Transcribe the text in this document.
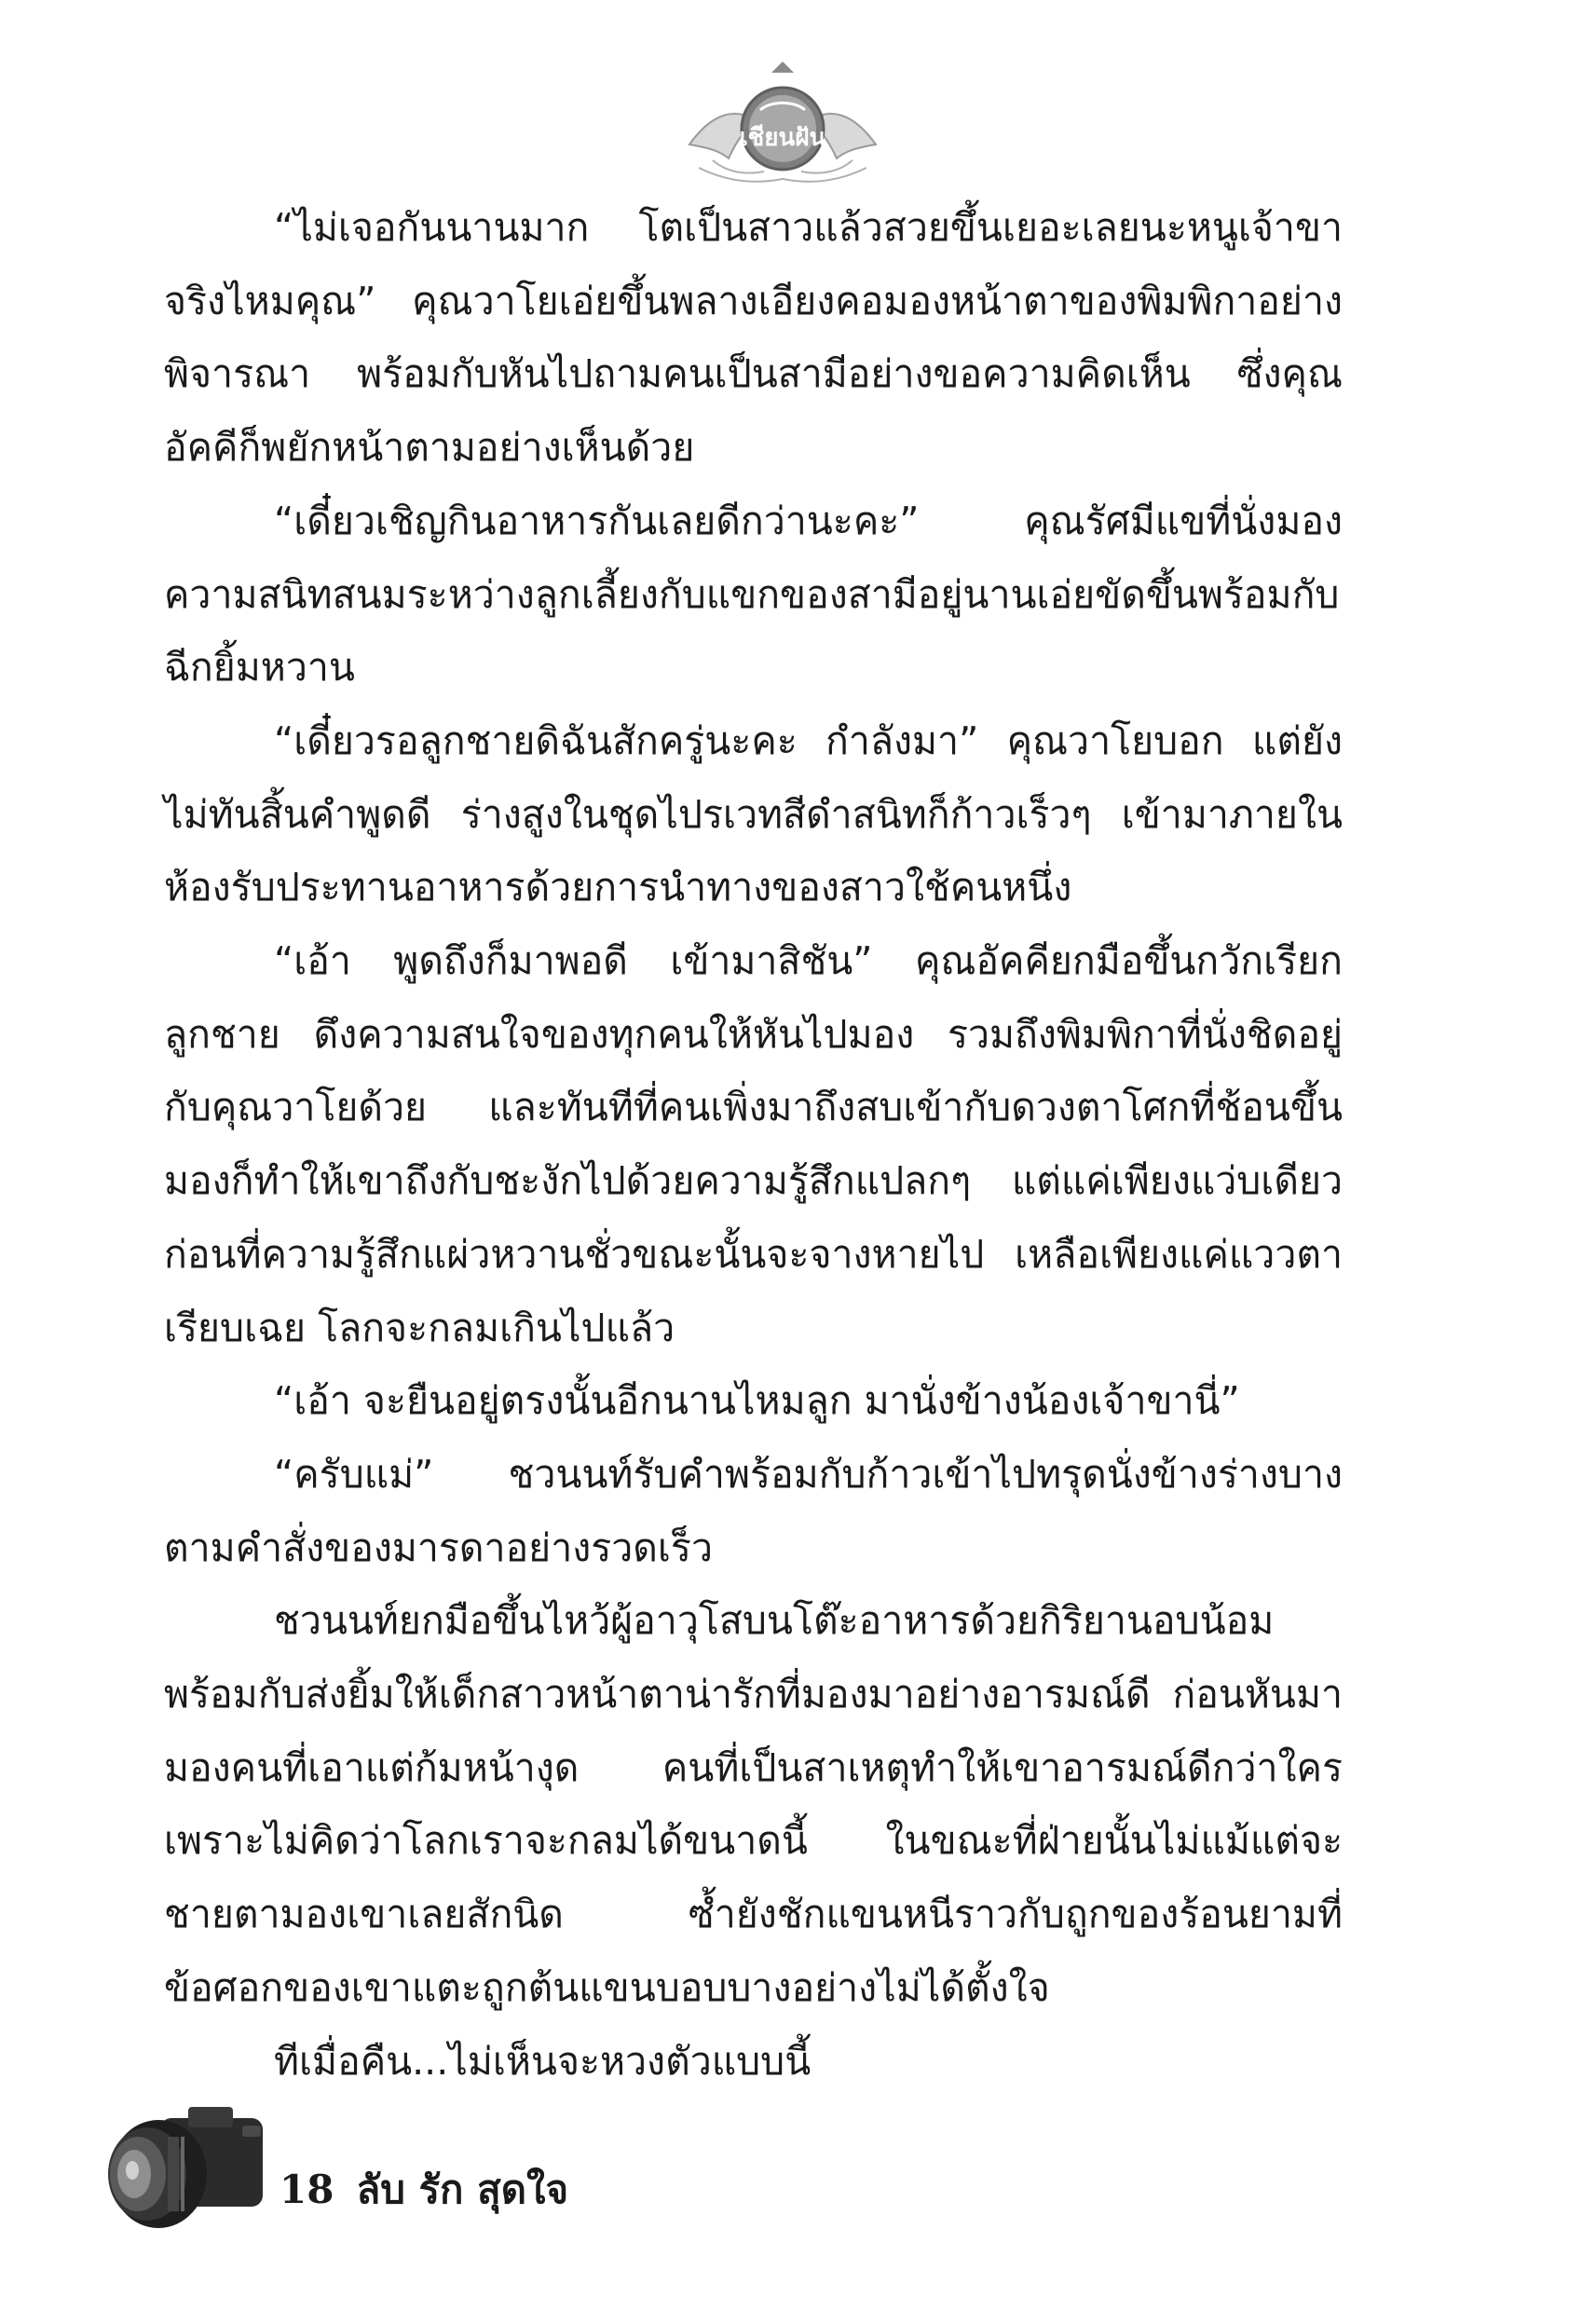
เชียนฝัน

“ไม่เจอกันนานมาก โตเป็นสาวแล้วสวยขึ้นเยอะเลยนะหนูเจ้าขา จริงไหมคุณ” คุณวาโยเอ่ยขึ้นพลางเอียงคอมองหน้าตาของพิมพิกาอย่างพิจารณา พร้อมกับหันไปถามคนเป็นสามีอย่างขอความคิดเห็น ซึ่งคุณอัคคีก็พยักหน้าตามอย่างเห็นด้วย

“เดี๋ยวเชิญกินอาหารกันเลยดีกว่านะคะ” คุณรัศมีแขที่นั่งมองความสนิทสนมระหว่างลูกเลี้ยงกับแขกของสามีอยู่นานเอ่ยขัดขึ้นพร้อมกับฉีกยิ้มหวาน

“เดี๋ยวรอลูกชายดิฉันสักครู่นะคะ กำลังมา” คุณวาโยบอก แต่ยังไม่ทันสิ้นคำพูดดี ร่างสูงในชุดไปรเวทสีดำสนิทก็ก้าวเร็วๆ เข้ามาภายในห้องรับประทานอาหารด้วยการนำทางของสาวใช้คนหนึ่ง

“เอ้า พูดถึงก็มาพอดี เข้ามาสิชัน” คุณอัคคียกมือขึ้นกวักเรียกลูกชาย ดึงความสนใจของทุกคนให้หันไปมอง รวมถึงพิมพิกาที่นั่งชิดอยู่กับคุณวาโยด้วย และทันทีที่คนเพิ่งมาถึงสบเข้ากับดวงตาโศกที่ช้อนขึ้นมองก็ทำให้เขาถึงกับชะงักไปด้วยความรู้สึกแปลกๆ แต่แค่เพียงแว่บเดียว ก่อนที่ความรู้สึกแผ่วหวานชั่วขณะนั้นจะจางหายไป เหลือเพียงแค่แววตาเรียบเฉย โลกจะกลมเกินไปแล้ว

“เอ้า จะยืนอยู่ตรงนั้นอีกนานไหมลูก มานั่งข้างน้องเจ้าขานี่”

“ครับแม่” ชวนนท์รับคำพร้อมกับก้าวเข้าไปทรุดนั่งข้างร่างบางตามคำสั่งของมารดาอย่างรวดเร็ว

ชวนนท์ยกมือขึ้นไหว้ผู้อาวุโสบนโต๊ะอาหารด้วยกิริยานอบน้อม พร้อมกับส่งยิ้มให้เด็กสาวหน้าตาน่ารักที่มองมาอย่างอารมณ์ดี ก่อนหันมามองคนที่เอาแต่ก้มหน้างุด คนที่เป็นสาเหตุทำให้เขาอารมณ์ดีกว่าใคร เพราะไม่คิดว่าโลกเราจะกลมได้ขนาดนี้ ในขณะที่ฝ่ายนั้นไม่แม้แต่จะชายตามองเขาเลยสักนิด ซ้ำยังชักแขนหนีราวกับถูกของร้อนยามที่ข้อศอกของเขาแตะถูกต้นแขนบอบบางอย่างไม่ได้ตั้งใจ

ทีเมื่อคืน...ไม่เห็นจะหวงตัวแบบนี้

18 ลับ รัก สุดใจ
